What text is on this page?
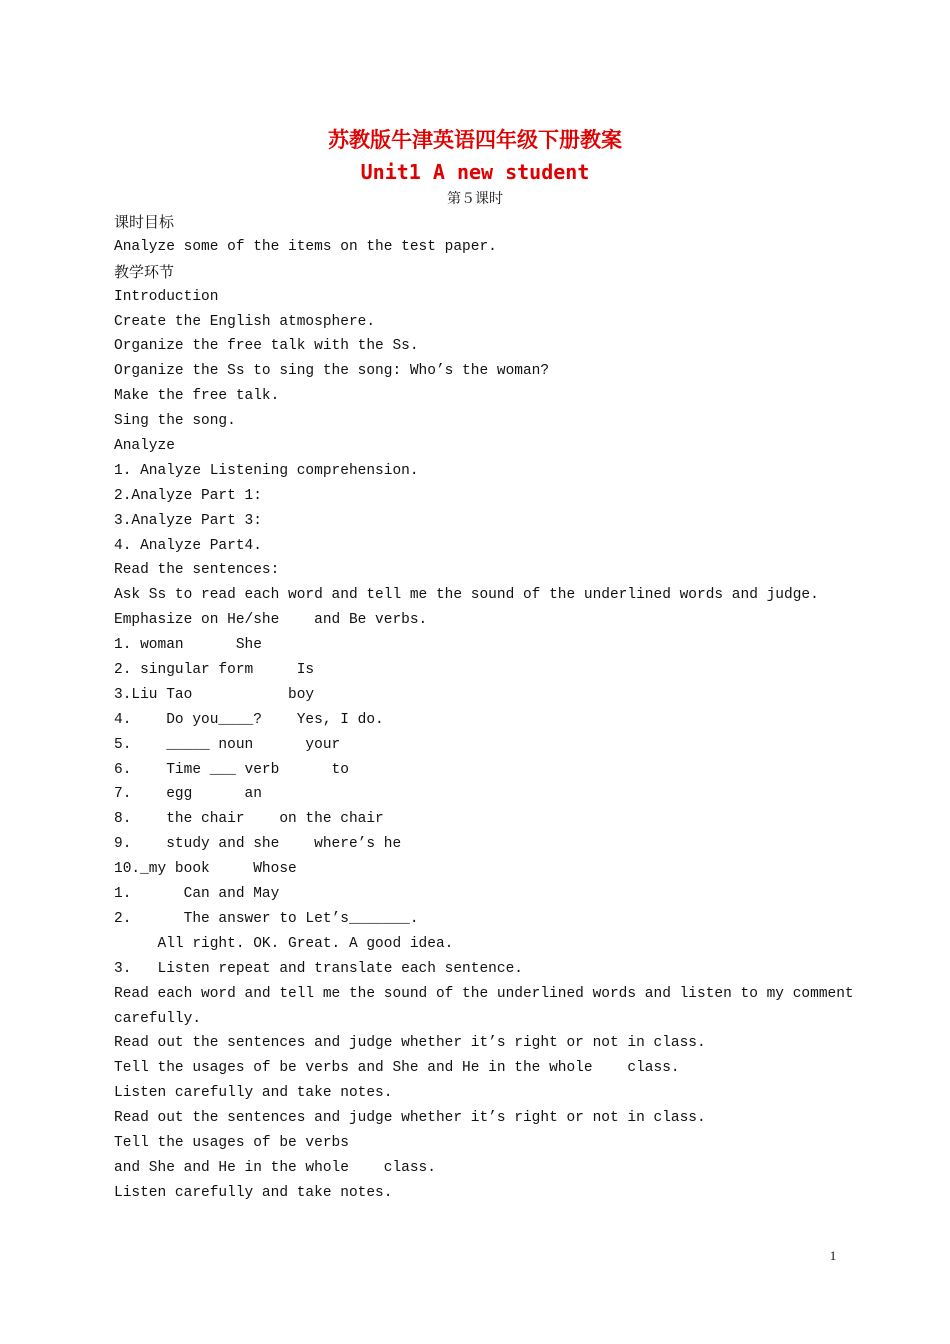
苏教版牛津英语四年级下册教案
Unit1 A new student
第５课时
课时目标
Analyze some of the items on the test paper.
教学环节
Introduction
Create the English atmosphere.
Organize the free talk with the Ss.
Organize the Ss to sing the song: Who’s the woman?
Make the free talk.
Sing the song.
Analyze
1. Analyze Listening comprehension.
2.Analyze Part 1:
3.Analyze Part 3:
4. Analyze Part4.
Read the sentences:
Ask Ss to read each word and tell me the sound of the underlined words and judge.
Emphasize on He/she    and Be verbs.
1. woman      She
2. singular form     Is
3.Liu Tao           boy
4.    Do you____?    Yes, I do.
5.    _____ noun      your
6.    Time ___ verb      to
7.    egg      an
8.    the chair    on the chair
9.    study and she    where’s he
10._my book     Whose
1.      Can and May
2.      The answer to Let’s_______.
All right. OK. Great. A good idea.
3.   Listen repeat and translate each sentence.
Read each word and tell me the sound of the underlined words and listen to my comment
carefully.
Read out the sentences and judge whether it’s right or not in class.
Tell the usages of be verbs and She and He in the whole    class.
Listen carefully and take notes.
Read out the sentences and judge whether it’s right or not in class.
Tell the usages of be verbs
and She and He in the whole    class.
Listen carefully and take notes.
1
